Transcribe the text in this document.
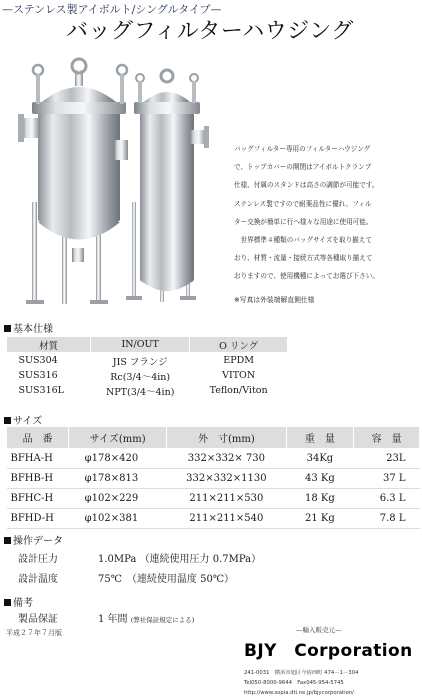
—ステンレス製アイボルト/シングルタイプ—
バッグフィルターハウジング

バッグフィルター専用のフィルターハウジング

で、トップカバーの開閉はアイボルトクランプ

仕様、付属のスタンドは高さの調節が可能です。

ステンレス製ですので耐薬品性に優れ、フィル

ター交換が簡単に行へ様々な用途に使用可能。

　世界標準４種類のバッグサイズを取り揃えて

おり、材質・流量・接続方式等各種取り揃えて

おりますので、使用機種によってお選び下さい。

※写真は外装端解直側仕様
基本仕様
材質	IN/OUT	O リング
SUS304	JIS フランジ	EPDM
SUS316	Rc(3/4～4in)	VITON
SUS316L	NPT(3/4～4in)	Teflon/Viton
サイズ
品　番	サイズ(mm)	外　寸(mm)	重　量	容　量
BFHA-H	φ178×420	332×332× 730	34Kg	23L
BFHB-H	φ178×813	332×332×1130	43 Kg	37 L
BFHC-H	φ102×229	211×211×530	18 Kg	6.3 L
BFHD-H	φ102×381	211×211×540	21 Kg	7.8 L
操作データ
設計圧力	1.0MPa （連続使用圧力 0.7MPa）
設計温度	75℃　（連続使用温度 50℃）
備考
製品保証	1 年間 (弊社保証規定による)
平成２７年７月版	—輸入販売元—
BJY　Corporation
241-0031　横浜市旭区今宿西町 474－1－304
Tel050-8000-9644　Fax045-954-5745
http://www.sopia.dti.ne.jp/bjycorporation/
